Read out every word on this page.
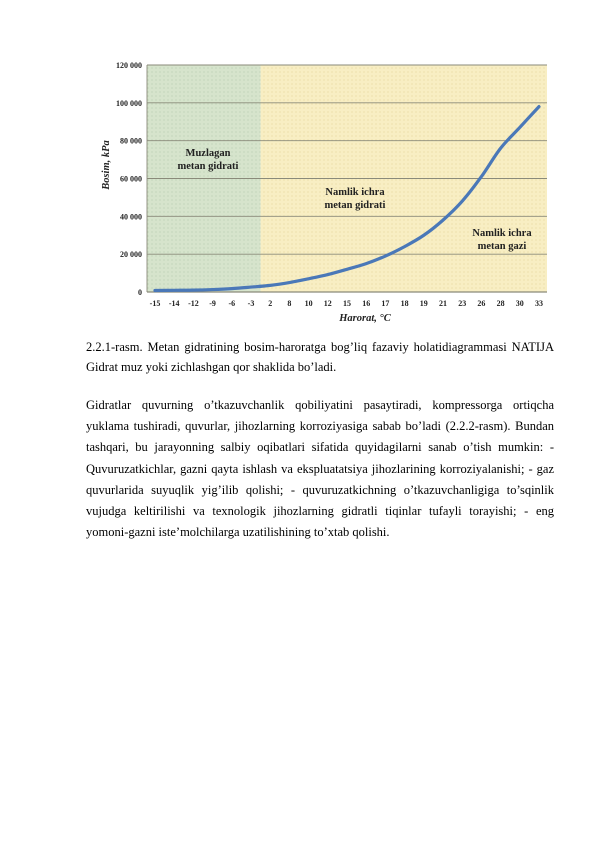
0
20 000
40 000
60 000
80 000
100 000
120 000
-15 -14 -12 -9 -6 -3 2 8 10 12 15 16 17 18 19 21 23 26 28 30 33
Muzlagan
metan gidrati
Namlik ichra
metan gidrati
Namlik ichra
metan gazi
Bosim, kPa
Harorat, °C

2.2.1-rasm. Metan gidratining bosim-haroratga bog’liq fazaviy holatidiagrammasi NATIJA Gidrat muz yoki zichlashgan qor shaklida bo’ladi.

Gidratlar quvurning o’tkazuvchanlik qobiliyatini pasaytiradi, kompressorga ortiqcha yuklama tushiradi, quvurlar, jihozlarning korroziyasiga sabab bo’ladi (2.2.2-rasm). Bundan tashqari, bu jarayonning salbiy oqibatlari sifatida quyidagilarni sanab o’tish mumkin: - Quvuruzatkichlar, gazni qayta ishlash va ekspluatatsiya jihozlarining korroziyalanishi; - gaz quvurlarida suyuqlik yig’ilib qolishi; - quvuruzatkichning o’tkazuvchanligiga to’sqinlik vujudga keltirilishi va texnologik jihozlarning gidratli tiqinlar tufayli torayishi; - eng yomoni-gazni iste’molchilarga uzatilishining to’xtab qolishi.
